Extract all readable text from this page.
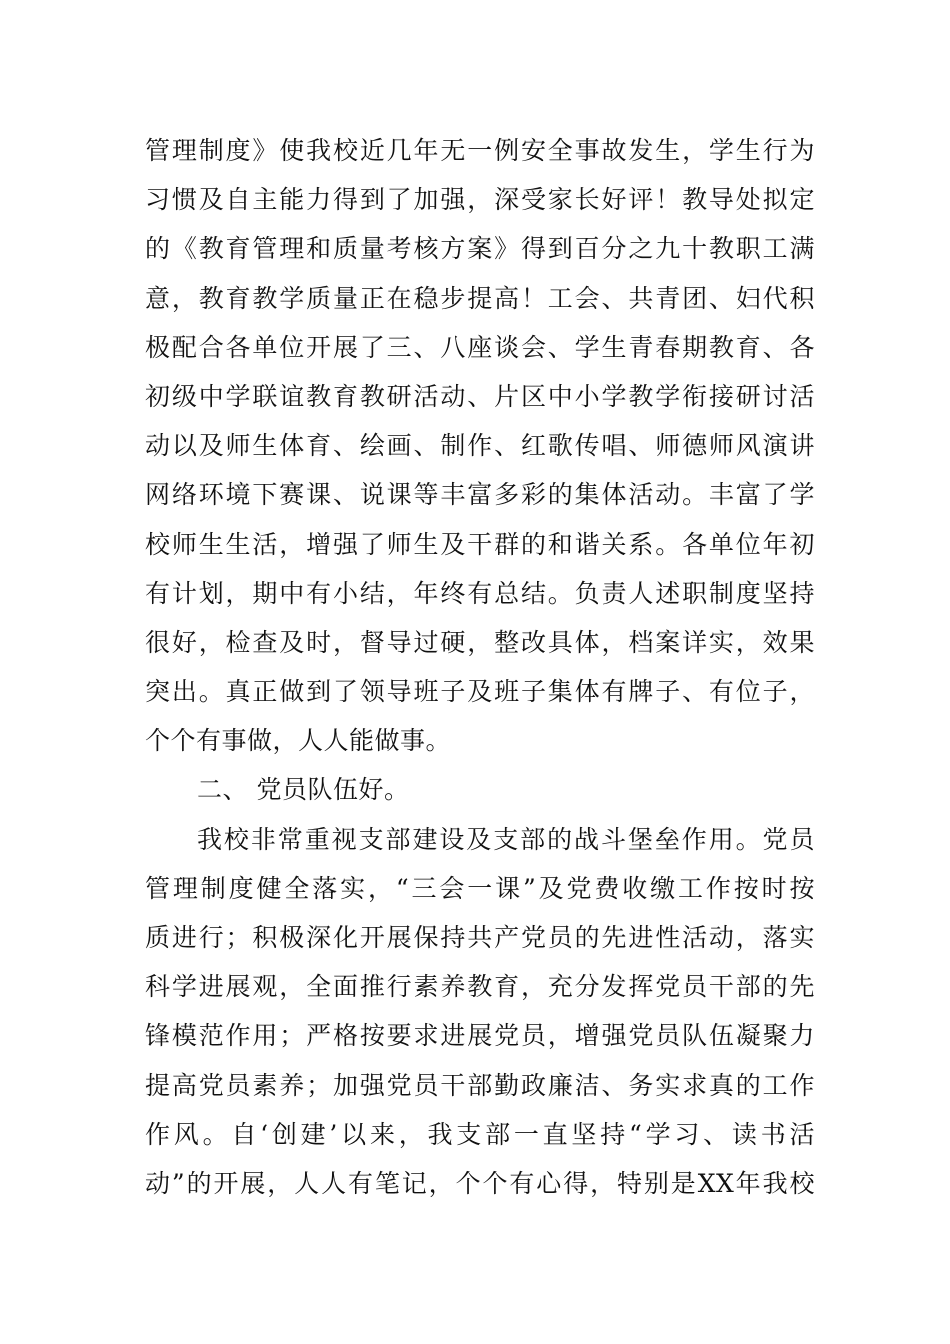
管理制度》使我校近几年无一例安全事故发生，学生行为
习惯及自主能力得到了加强，深受家长好评！教导处拟定
的《教育管理和质量考核方案》得到百分之九十教职工满
意，教育教学质量正在稳步提高！工会、共青团、妇代积
极配合各单位开展了三、八座谈会、学生青春期教育、各
初级中学联谊教育教研活动、片区中小学教学衔接研讨活
动以及师生体育、绘画、制作、红歌传唱、师德师风演讲
网络环境下赛课、说课等丰富多彩的集体活动。丰富了学
校师生生活，增强了师生及干群的和谐关系。各单位年初
有计划，期中有小结，年终有总结。负责人述职制度坚持
很好，检查及时，督导过硬，整改具体，档案详实，效果
突出。真正做到了领导班子及班子集体有牌子、有位子，
个个有事做，人人能做事。
二、 党员队伍好。
我校非常重视支部建设及支部的战斗堡垒作用。党员
管理制度健全落实，“三会一课”及党费收缴工作按时按
质进行；积极深化开展保持共产党员的先进性活动，落实
科学进展观，全面推行素养教育，充分发挥党员干部的先
锋模范作用；严格按要求进展党员，增强党员队伍凝聚力
提高党员素养；加强党员干部勤政廉洁、务实求真的工作
作风。自‘创建’以来，我支部一直坚持“学习、读书活
动”的开展，人人有笔记，个个有心得，特别是XX年我校
